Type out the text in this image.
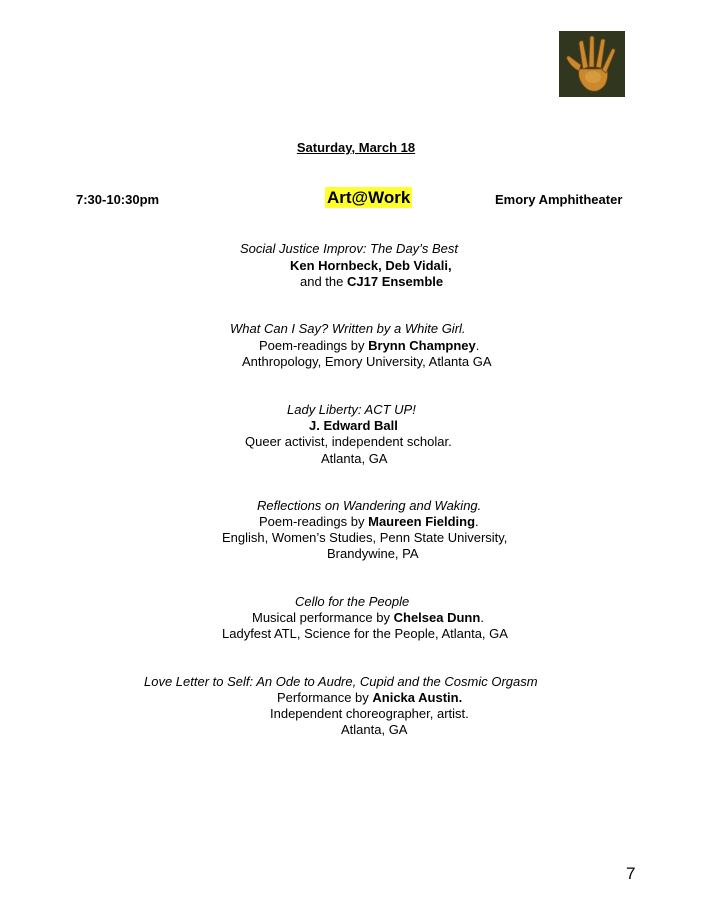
Saturday, March 18
7:30-10:30pm	Art@Work	Emory Amphitheater
Social Justice Improv: The Day’s Best
Ken Hornbeck, Deb Vidali,
and the CJ17 Ensemble
What Can I Say? Written by a White Girl.
Poem-readings by Brynn Champney.
Anthropology, Emory University, Atlanta GA
Lady Liberty: ACT UP!
J. Edward Ball
Queer activist, independent scholar.
Atlanta, GA
Reflections on Wandering and Waking.
Poem-readings by Maureen Fielding.
English, Women’s Studies, Penn State University,
Brandywine, PA
Cello for the People
Musical performance by Chelsea Dunn.
Ladyfest ATL, Science for the People, Atlanta, GA
Love Letter to Self: An Ode to Audre, Cupid and the Cosmic Orgasm
Performance by Anicka Austin.
Independent choreographer, artist.
Atlanta, GA
7
